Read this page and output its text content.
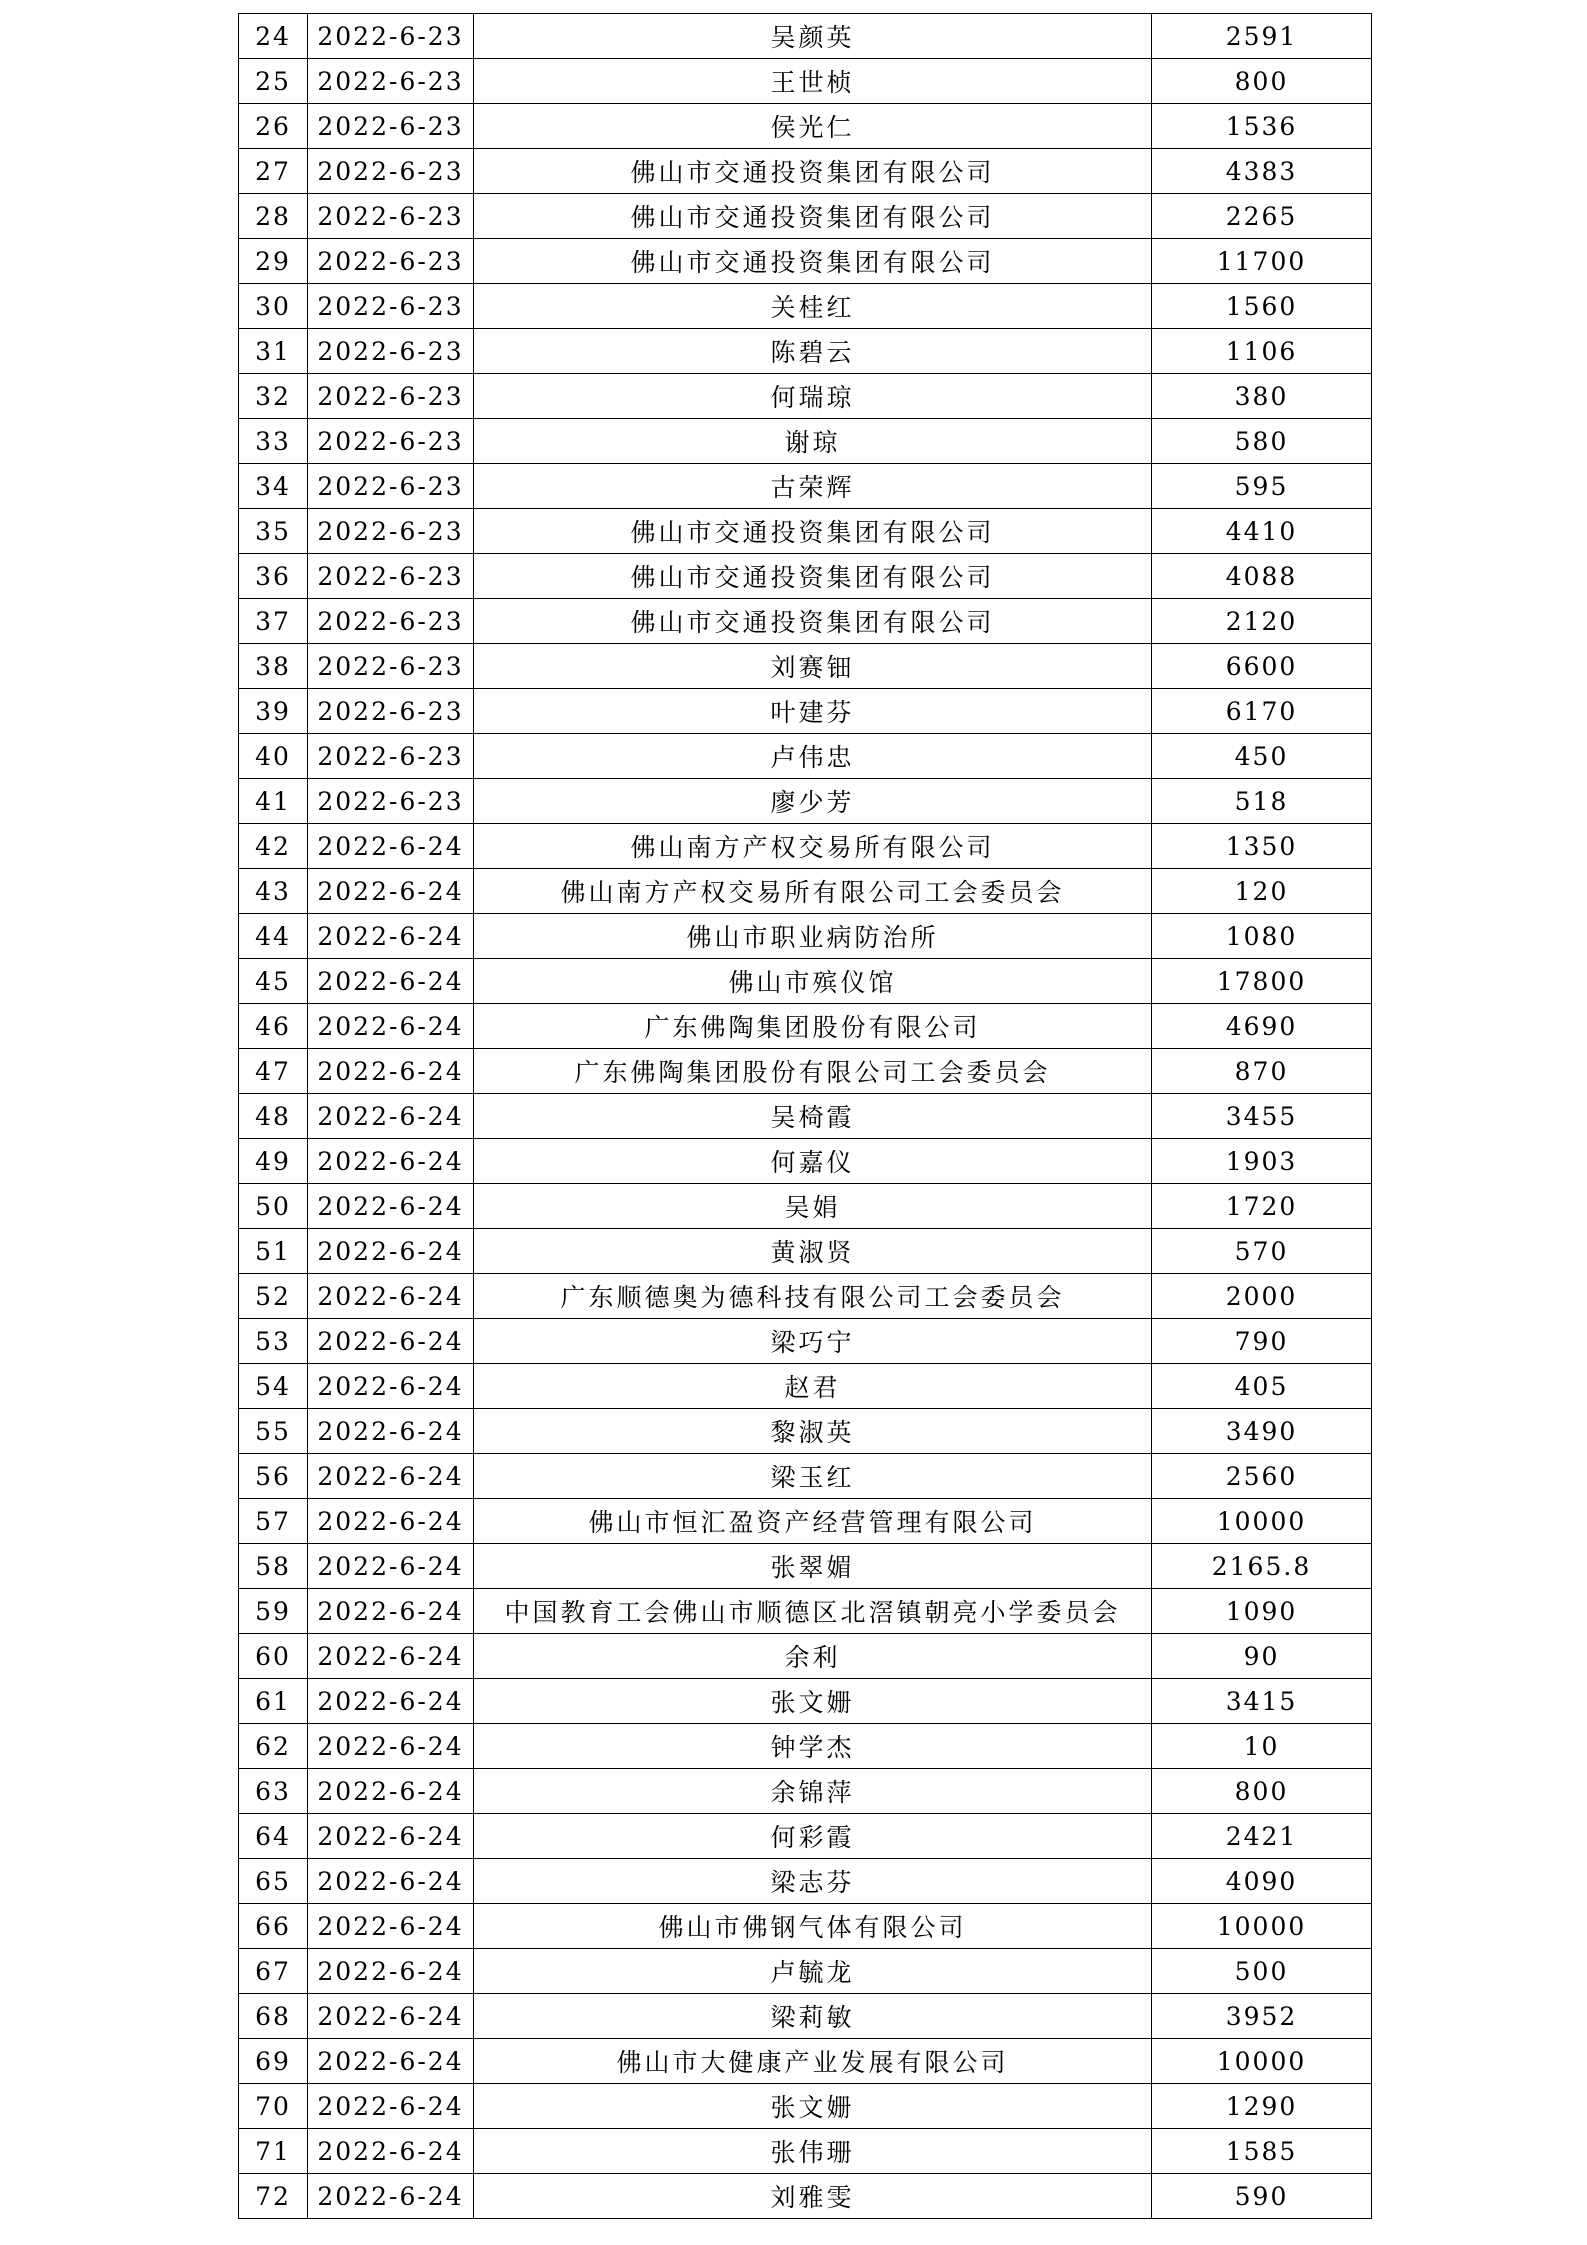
24	2022-6-23	吴颜英	2591
25	2022-6-23	王世桢	800
26	2022-6-23	侯光仁	1536
27	2022-6-23	佛山市交通投资集团有限公司	4383
28	2022-6-23	佛山市交通投资集团有限公司	2265
29	2022-6-23	佛山市交通投资集团有限公司	11700
30	2022-6-23	关桂红	1560
31	2022-6-23	陈碧云	1106
32	2022-6-23	何瑞琼	380
33	2022-6-23	谢琼	580
34	2022-6-23	古荣辉	595
35	2022-6-23	佛山市交通投资集团有限公司	4410
36	2022-6-23	佛山市交通投资集团有限公司	4088
37	2022-6-23	佛山市交通投资集团有限公司	2120
38	2022-6-23	刘赛钿	6600
39	2022-6-23	叶建芬	6170
40	2022-6-23	卢伟忠	450
41	2022-6-23	廖少芳	518
42	2022-6-24	佛山南方产权交易所有限公司	1350
43	2022-6-24	佛山南方产权交易所有限公司工会委员会	120
44	2022-6-24	佛山市职业病防治所	1080
45	2022-6-24	佛山市殡仪馆	17800
46	2022-6-24	广东佛陶集团股份有限公司	4690
47	2022-6-24	广东佛陶集团股份有限公司工会委员会	870
48	2022-6-24	吴椅霞	3455
49	2022-6-24	何嘉仪	1903
50	2022-6-24	吴娟	1720
51	2022-6-24	黄淑贤	570
52	2022-6-24	广东顺德奥为德科技有限公司工会委员会	2000
53	2022-6-24	梁巧宁	790
54	2022-6-24	赵君	405
55	2022-6-24	黎淑英	3490
56	2022-6-24	梁玉红	2560
57	2022-6-24	佛山市恒汇盈资产经营管理有限公司	10000
58	2022-6-24	张翠媚	2165.8
59	2022-6-24	中国教育工会佛山市顺德区北滘镇朝亮小学委员会	1090
60	2022-6-24	余利	90
61	2022-6-24	张文姗	3415
62	2022-6-24	钟学杰	10
63	2022-6-24	余锦萍	800
64	2022-6-24	何彩霞	2421
65	2022-6-24	梁志芬	4090
66	2022-6-24	佛山市佛钢气体有限公司	10000
67	2022-6-24	卢毓龙	500
68	2022-6-24	梁莉敏	3952
69	2022-6-24	佛山市大健康产业发展有限公司	10000
70	2022-6-24	张文姗	1290
71	2022-6-24	张伟珊	1585
72	2022-6-24	刘雅雯	590
